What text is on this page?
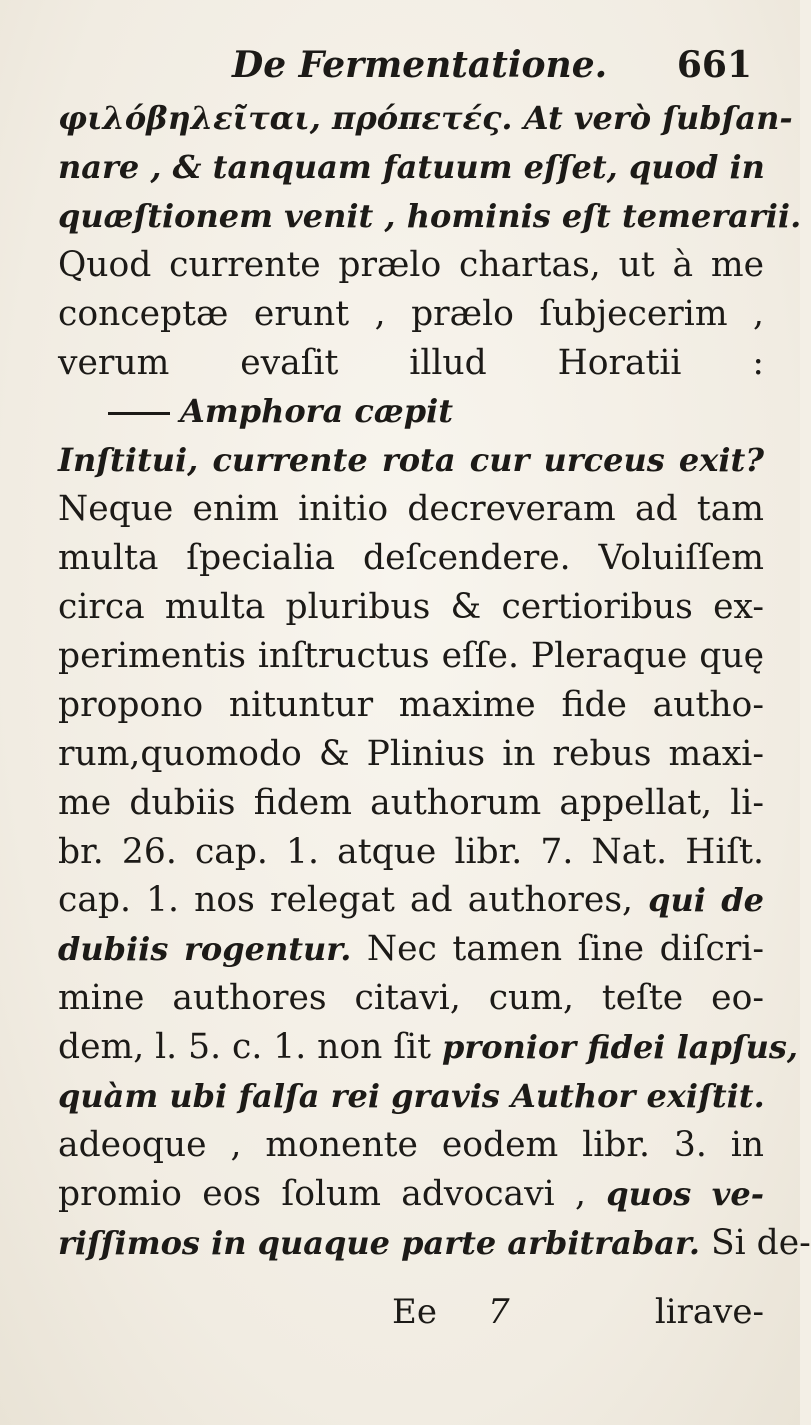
De Fermentatione. 661
φιλόβηλεῖται, πρόπετές. At verò ſubſan-
nare , & tanquam fatuum eſſet, quod in
quæſtionem venit , hominis eſt temerarii.
Quod currente prælo chartas, ut à me
conceptæ erunt , prælo ſubjecerim ,
verum evaſit illud Horatii :
Amphora cæpit
Inſtitui, currente rota cur urceus exit?
Neque enim initio decreveram ad tam
multa ſpecialia deſcendere. Voluiſſem
circa multa pluribus & certioribus ex-
perimentis inſtructus eſſe. Pleraque quę
propono nituntur maxime fide autho-
rum,quomodo & Plinius in rebus maxi-
me dubiis fidem authorum appellat, li-
br. 26. cap. 1. atque libr. 7. Nat. Hiſt.
cap. 1. nos relegat ad authores, qui de
dubiis rogentur. Nec tamen ſine diſcri-
mine authores citavi, cum, teſte eo-
dem, l. 5. c. 1. non ſit pronior fidei lapſus,
quàm ubi falſa rei gravis Author exiſtit.
adeoque , monente eodem libr. 3. in
promio eos ſolum advocavi , quos ve-
riſſimos in quaque parte arbitrabar. Si de-
Ee 7	lirave-
